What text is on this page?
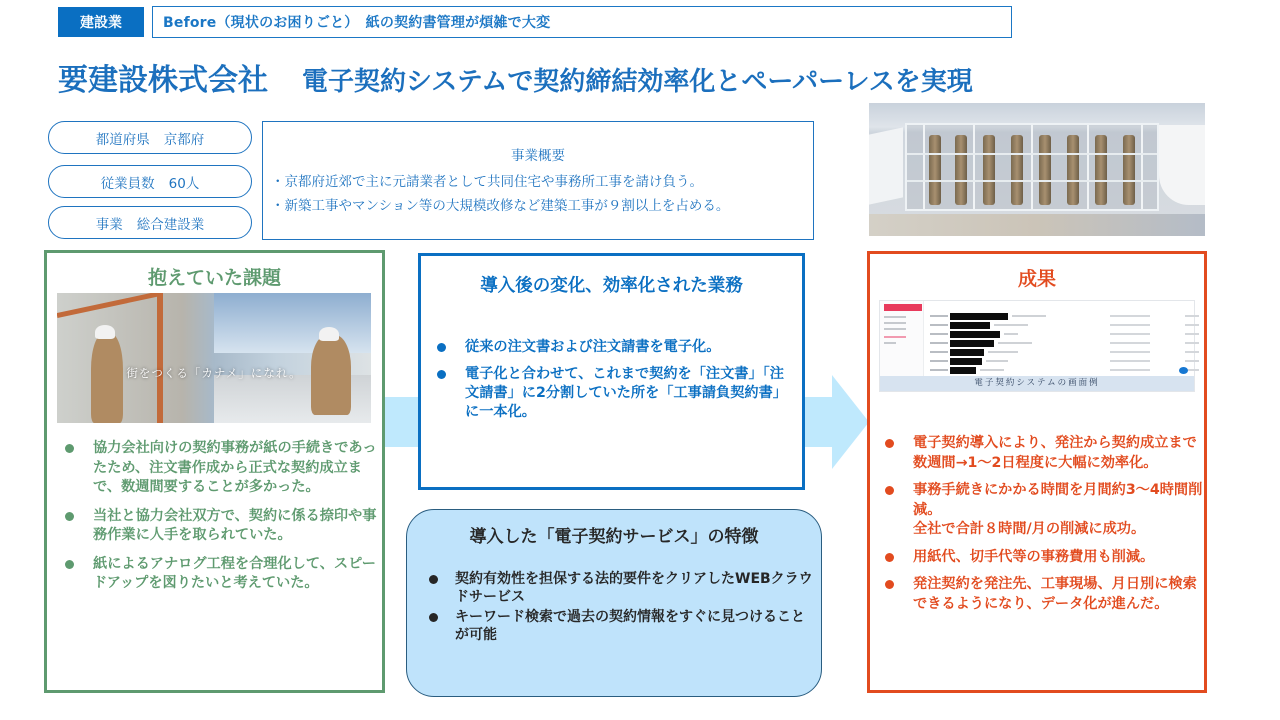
建設業	Before（現状のお困りごと）　紙の契約書管理が煩雑で大変
要建設株式会社 電子契約システムで契約締結効率化とペーパーレスを実現
都道府県 京都府
従業員数 60人
事業 総合建設業
事業概要
・京都府近郊で主に元請業者として共同住宅や事務所工事を請け負う。
・新築工事やマンション等の大規模改修など建築工事が９割以上を占める。
抱えていた課題
街をつくる「カナメ」になれ。
協力会社向けの契約事務が紙の手続きであったため、注文書作成から正式な契約成立まで、数週間要することが多かった。
当社と協力会社双方で、契約に係る捺印や事務作業に人手を取られていた。
紙によるアナログ工程を合理化して、スピードアップを図りたいと考えていた。
導入後の変化、効率化された業務
従来の注文書および注文請書を電子化。
電子化と合わせて、これまで契約を「注文書」「注文請書」に2分割していた所を「工事請負契約書」に一本化。
導入した「電子契約サービス」の特徴
契約有効性を担保する法的要件をクリアしたWEBクラウドサービス
キーワード検索で過去の契約情報をすぐに見つけることが可能
成果
電子契約システムの画面例
電子契約導入により、発注から契約成立まで数週間→1～2日程度に大幅に効率化。
事務手続きにかかる時間を月間約3～4時間削減。
全社で合計８時間/月の削減に成功。
用紙代、切手代等の事務費用も削減。
発注契約を発注先、工事現場、月日別に検索できるようになり、データ化が進んだ。
